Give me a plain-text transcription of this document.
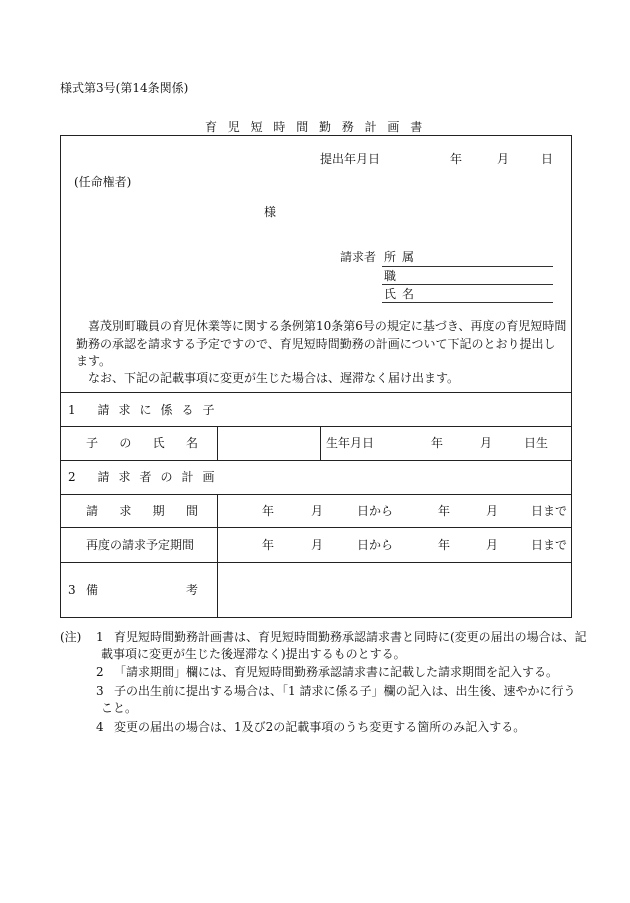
様式第3号(第14条関係)
育児短時間勤務計画書
提出年月日	年	月	日
(任命権者)
様
請求者 所属
職
氏名
喜茂別町職員の育児休業等に関する条例第10条第6号の規定に基づき、再度の育児短時間
勤務の承認を請求する予定ですので、育児短時間勤務の計画について下記のとおり提出し
ます。
なお、下記の記載事項に変更が生じた場合は、遅滞なく届け出ます。
1 請求に係る子
子の氏名	生年月日	年	月	日生
2 請求者の計画
請求期間	年	月	日から	年	月	日まで
再度の請求予定期間	年	月	日から	年	月	日まで
3 備考
(注) 1 育児短時間勤務計画書は、育児短時間勤務承認請求書と同時に(変更の届出の場合は、記
載事項に変更が生じた後遅滞なく)提出するものとする。
2 「請求期間」欄には、育児短時間勤務承認請求書に記載した請求期間を記入する。
3 子の出生前に提出する場合は、「1 請求に係る子」欄の記入は、出生後、速やかに行う
こと。
4 変更の届出の場合は、1及び2の記載事項のうち変更する箇所のみ記入する。
